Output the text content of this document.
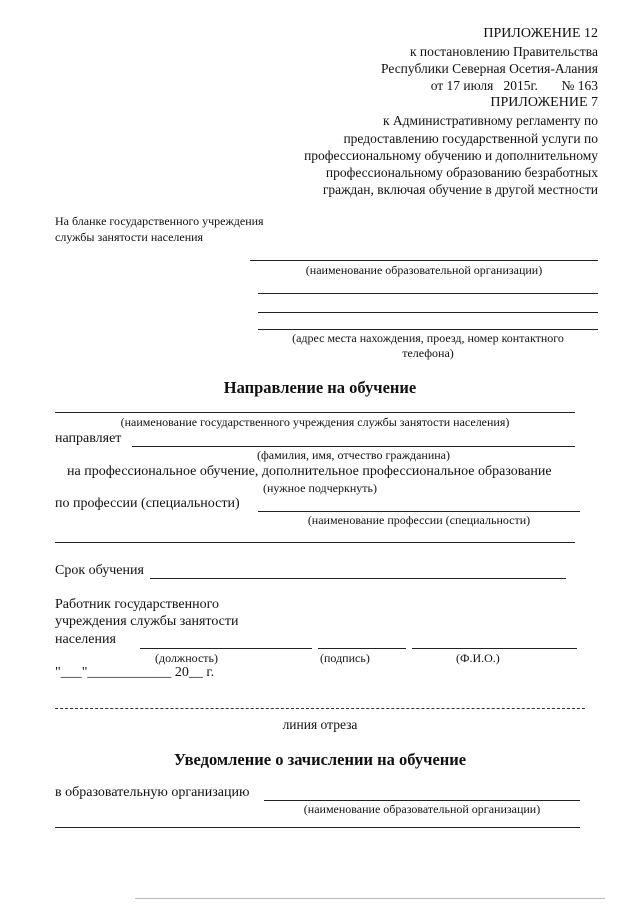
ПРИЛОЖЕНИЕ 12
к постановлению Правительства
Республики Северная Осетия-Алания
от 17 июля   2015г.       № 163
ПРИЛОЖЕНИЕ 7
к Административному регламенту по
предоставлению государственной услуги по
профессиональному обучению и дополнительному
профессиональному образованию безработных
граждан, включая обучение в другой местности
На бланке государственного учреждения
службы занятости населения
(наименование образовательной организации)
(адрес места нахождения, проезд, номер контактного
телефона)
Направление на обучение
(наименование государственного учреждения службы занятости населения)
направляет
(фамилия, имя, отчество гражданина)
на профессиональное обучение, дополнительное профессиональное образование
(нужное подчеркнуть)
по профессии (специальности)
(наименование профессии (специальности)
Срок обучения
Работник государственного
учреждения службы занятости
населения
(должность)	(подпись)	(Ф.И.О.)
"___"____________ 20__ г.
линия отреза
Уведомление о зачислении на обучение
в образовательную организацию
(наименование образовательной организации)
